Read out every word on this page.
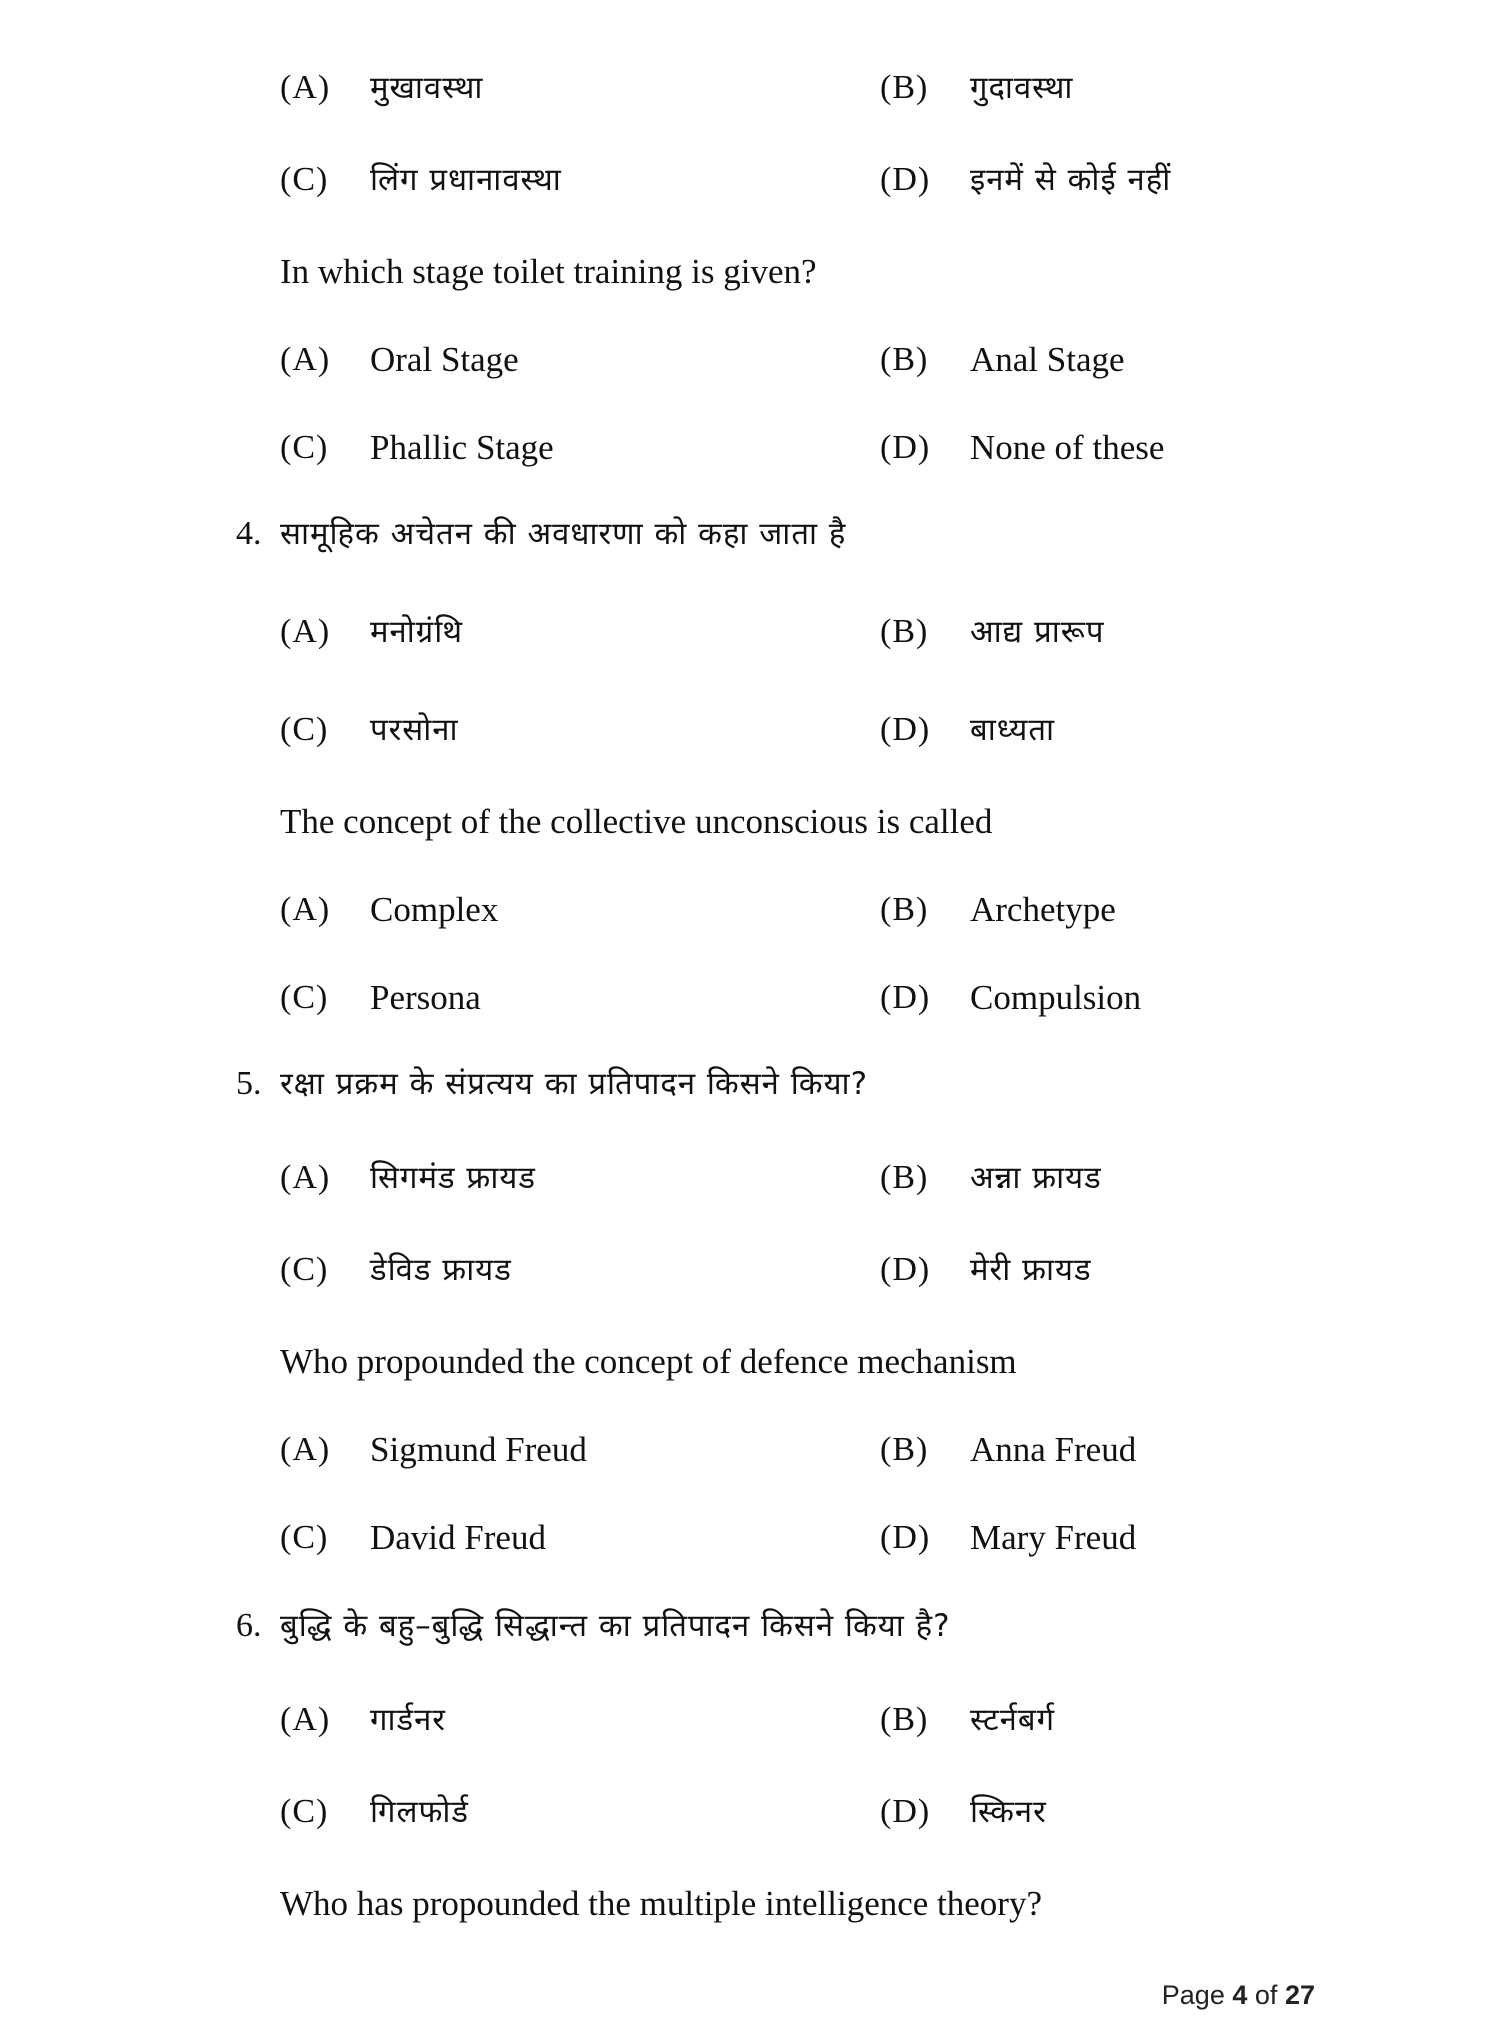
(A) मुखावस्था	(B) गुदावस्था
(C) लिंग प्रधानावस्था	(D) इनमें से कोई नहीं
In which stage toilet training is given?
(A) Oral Stage	(B) Anal Stage
(C) Phallic Stage	(D) None of these
4. सामूहिक अचेतन की अवधारणा को कहा जाता है
(A) मनोग्रंथि	(B) आद्य प्रारूप
(C) परसोना	(D) बाध्यता
The concept of the collective unconscious is called
(A) Complex	(B) Archetype
(C) Persona	(D) Compulsion
5. रक्षा प्रक्रम के संप्रत्यय का प्रतिपादन किसने किया?
(A) सिगमंड फ्रायड	(B) अन्ना फ्रायड
(C) डेविड फ्रायड	(D) मेरी फ्रायड
Who propounded the concept of defence mechanism
(A) Sigmund Freud	(B) Anna Freud
(C) David Freud	(D) Mary Freud
6. बुद्धि के बहु–बुद्धि सिद्धान्त का प्रतिपादन किसने किया है?
(A) गार्डनर	(B) स्टर्नबर्ग
(C) गिलफोर्ड	(D) स्किनर
Who has propounded the multiple intelligence theory?
Page 4 of 27
